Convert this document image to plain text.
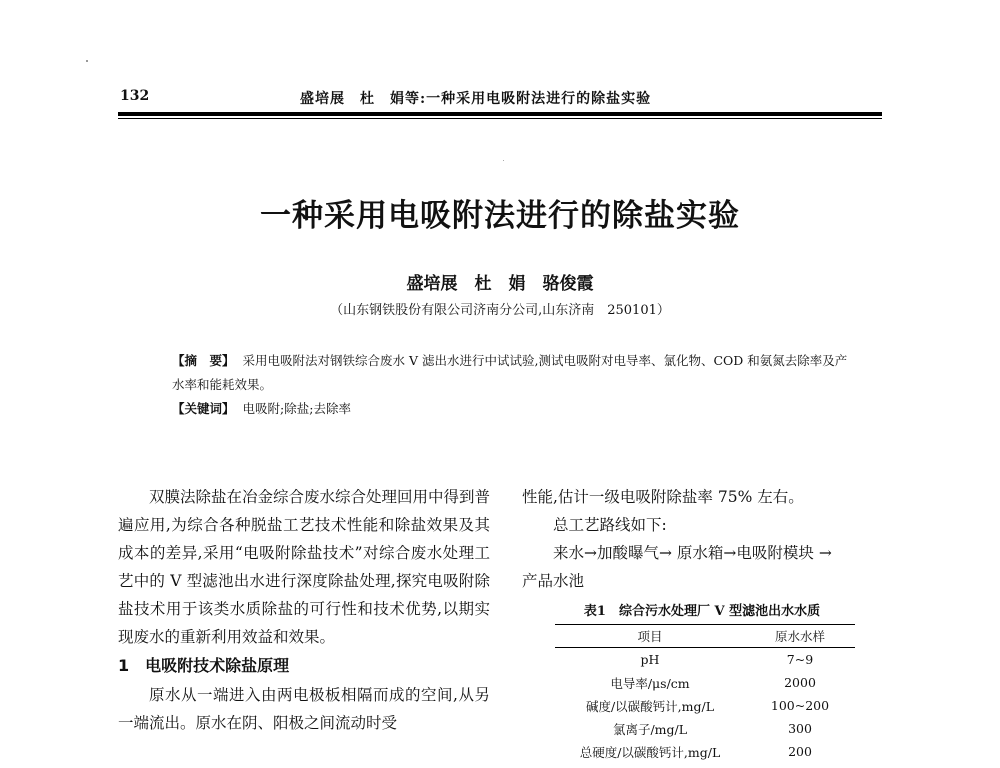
132	盛培展　杜　娟等:一种采用电吸附法进行的除盐实验
一种采用电吸附法进行的除盐实验
盛培展　杜　娟　骆俊霞
（山东钢铁股份有限公司济南分公司,山东济南　250101）
【摘　要】 采用电吸附法对钢铁综合废水 V 滤出水进行中试试验,测试电吸附对电导率、氯化物、COD 和氨氮去除率及产水率和能耗效果。
【关键词】 电吸附;除盐;去除率

双膜法除盐在冶金综合废水综合处理回用中得到普遍应用,为综合各种脱盐工艺技术性能和除盐效果及其成本的差异,采用“电吸附除盐技术”对综合废水处理工艺中的 V 型滤池出水进行深度除盐处理,探究电吸附除盐技术用于该类水质除盐的可行性和技术优势,以期实现废水的重新利用效益和效果。

1　电吸附技术除盐原理

原水从一端进入由两电极板相隔而成的空间,从另一端流出。原水在阴、阳极之间流动时受

性能,估计一级电吸附除盐率 75% 左右。

总工艺路线如下:

来水→加酸曝气→ 原水箱→电吸附模块 →

产品水池

表1　综合污水处理厂 V 型滤池出水水质
项目	原水水样
pH	7~9
电导率/μs/cm	2000
碱度/以碳酸钙计,mg/L	100~200
氯离子/mg/L	300
总硬度/以碳酸钙计,mg/L	200
